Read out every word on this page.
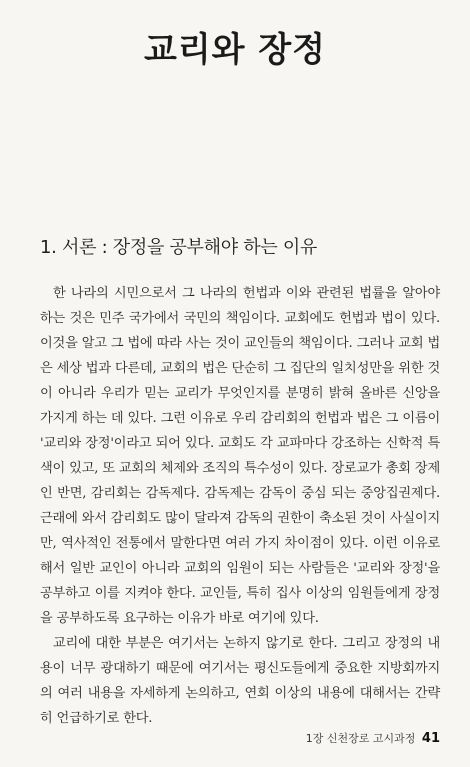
교리와 장정
1. 서론 : 장정을 공부해야 하는 이유

한 나라의 시민으로서 그 나라의 헌법과 이와 관련된 법률을 알아야 하는 것은 민주 국가에서 국민의 책임이다. 교회에도 헌법과 법이 있다. 이것을 알고 그 법에 따라 사는 것이 교인들의 책임이다. 그러나 교회 법은 세상 법과 다른데, 교회의 법은 단순히 그 집단의 일치성만을 위한 것이 아니라 우리가 믿는 교리가 무엇인지를 분명히 밝혀 올바른 신앙을 가지게 하는 데 있다. 그런 이유로 우리 감리회의 헌법과 법은 그 이름이 '교리와 장정'이라고 되어 있다. 교회도 각 교파마다 강조하는 신학적 특색이 있고, 또 교회의 체제와 조직의 특수성이 있다. 장로교가 총회 장제인 반면, 감리회는 감독제다. 감독제는 감독이 중심 되는 중앙집권제다. 근래에 와서 감리회도 많이 달라져 감독의 권한이 축소된 것이 사실이지만, 역사적인 전통에서 말한다면 여러 가지 차이점이 있다. 이런 이유로 해서 일반 교인이 아니라 교회의 임원이 되는 사람들은 '교리와 장정'을 공부하고 이를 지켜야 한다. 교인들, 특히 집사 이상의 임원들에게 장정을 공부하도록 요구하는 이유가 바로 여기에 있다.

교리에 대한 부분은 여기서는 논하지 않기로 한다. 그리고 장정의 내용이 너무 광대하기 때문에 여기서는 평신도들에게 중요한 지방회까지의 여러 내용을 자세하게 논의하고, 연회 이상의 내용에 대해서는 간략히 언급하기로 한다.

1장 신천장로 고시과정 41
